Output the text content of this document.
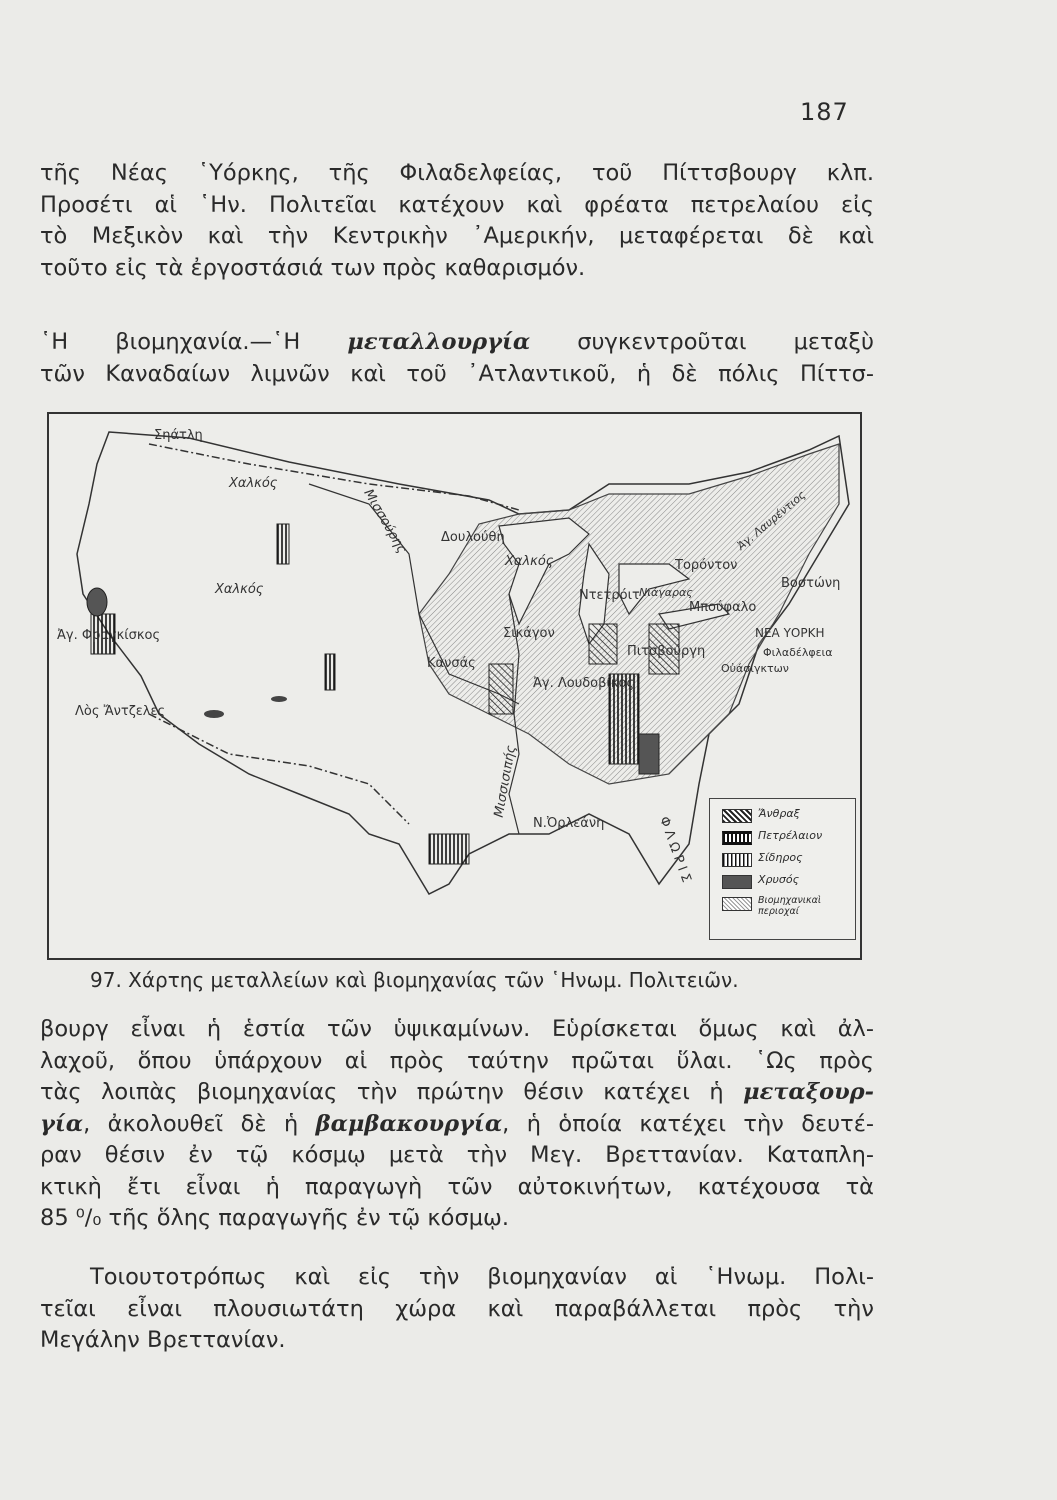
187

τῆς Νέας ῾Υόρκης, τῆς Φιλαδελφείας, τοῦ Πίττσβουργ κλπ.
Προσέτι αἱ ῾Ην. Πολιτεῖαι κατέχουν καὶ φρέατα πετρελαίου εἰς
τὸ Μεξικὸν καὶ τὴν Κεντρικὴν ᾿Αμερικήν, μεταφέρεται δὲ καὶ
τοῦτο εἰς τὰ ἐργοστάσιά των πρὸς καθαρισμόν.

῾Η βιομηχανία.—῾Η μεταλλουργία συγκεντροῦται μεταξὺ
τῶν Καναδαίων λιμνῶν καὶ τοῦ ᾿Ατλαντικοῦ, ἡ δὲ πόλις Πίττσ-

Σηάτλη
Χαλκός
Χαλκός
Ἀγ. Φραγκίσκος
Λὸς Ἄντζελες
Μισσούρης Δουλούθη
Χαλκός	Τορόντον
Ἀγ. Λαυρέντιος
Βοστώνη
Ντετρόιτ Νιάγαρας
Μπούφαλο
Σικάγον	ΝΕΑ ΥΟΡΚΗ
Φιλαδέλφεια
Πιτσβούργη
Οὐάσιγκτων
Κανσάς
Ἀγ. Λουδοβίκος
Μισσισιπής
Ν.Ὀρλεάνη	ΦΛΩΡΙΣ
Ἄνθραξ
Πετρέλαιον
Σίδηρος
Χρυσός
Βιομηχανικαὶ περιοχαί
97. Χάρτης μεταλλείων καὶ βιομηχανίας τῶν ῾Ηνωμ. Πολιτειῶν.

βουργ εἶναι ἡ ἑστία τῶν ὑψικαμίνων. Εὑρίσκεται ὅμως καὶ ἀλ-
λαχοῦ, ὅπου ὑπάρχουν αἱ πρὸς ταύτην πρῶται ὕλαι. ῾Ως πρὸς
τὰς λοιπὰς βιομηχανίας τὴν πρώτην θέσιν κατέχει ἡ μεταξουρ-
γία, ἀκολουθεῖ δὲ ἡ βαμβακουργία, ἡ ὁποία κατέχει τὴν δευτέ-
ραν θέσιν ἐν τῷ κόσμῳ μετὰ τὴν Μεγ. Βρεττανίαν. Καταπλη-
κτικὴ ἔτι εἶναι ἡ παραγωγὴ τῶν αὐτοκινήτων, κατέχουσα τὰ
85 ⁰/₀ τῆς ὅλης παραγωγῆς ἐν τῷ κόσμῳ.

Τοιουτοτρόπως καὶ εἰς τὴν βιομηχανίαν αἱ ῾Ηνωμ. Πολι-
τεῖαι εἶναι πλουσιωτάτη χώρα καὶ παραβάλλεται πρὸς τὴν
Μεγάλην Βρεττανίαν.
